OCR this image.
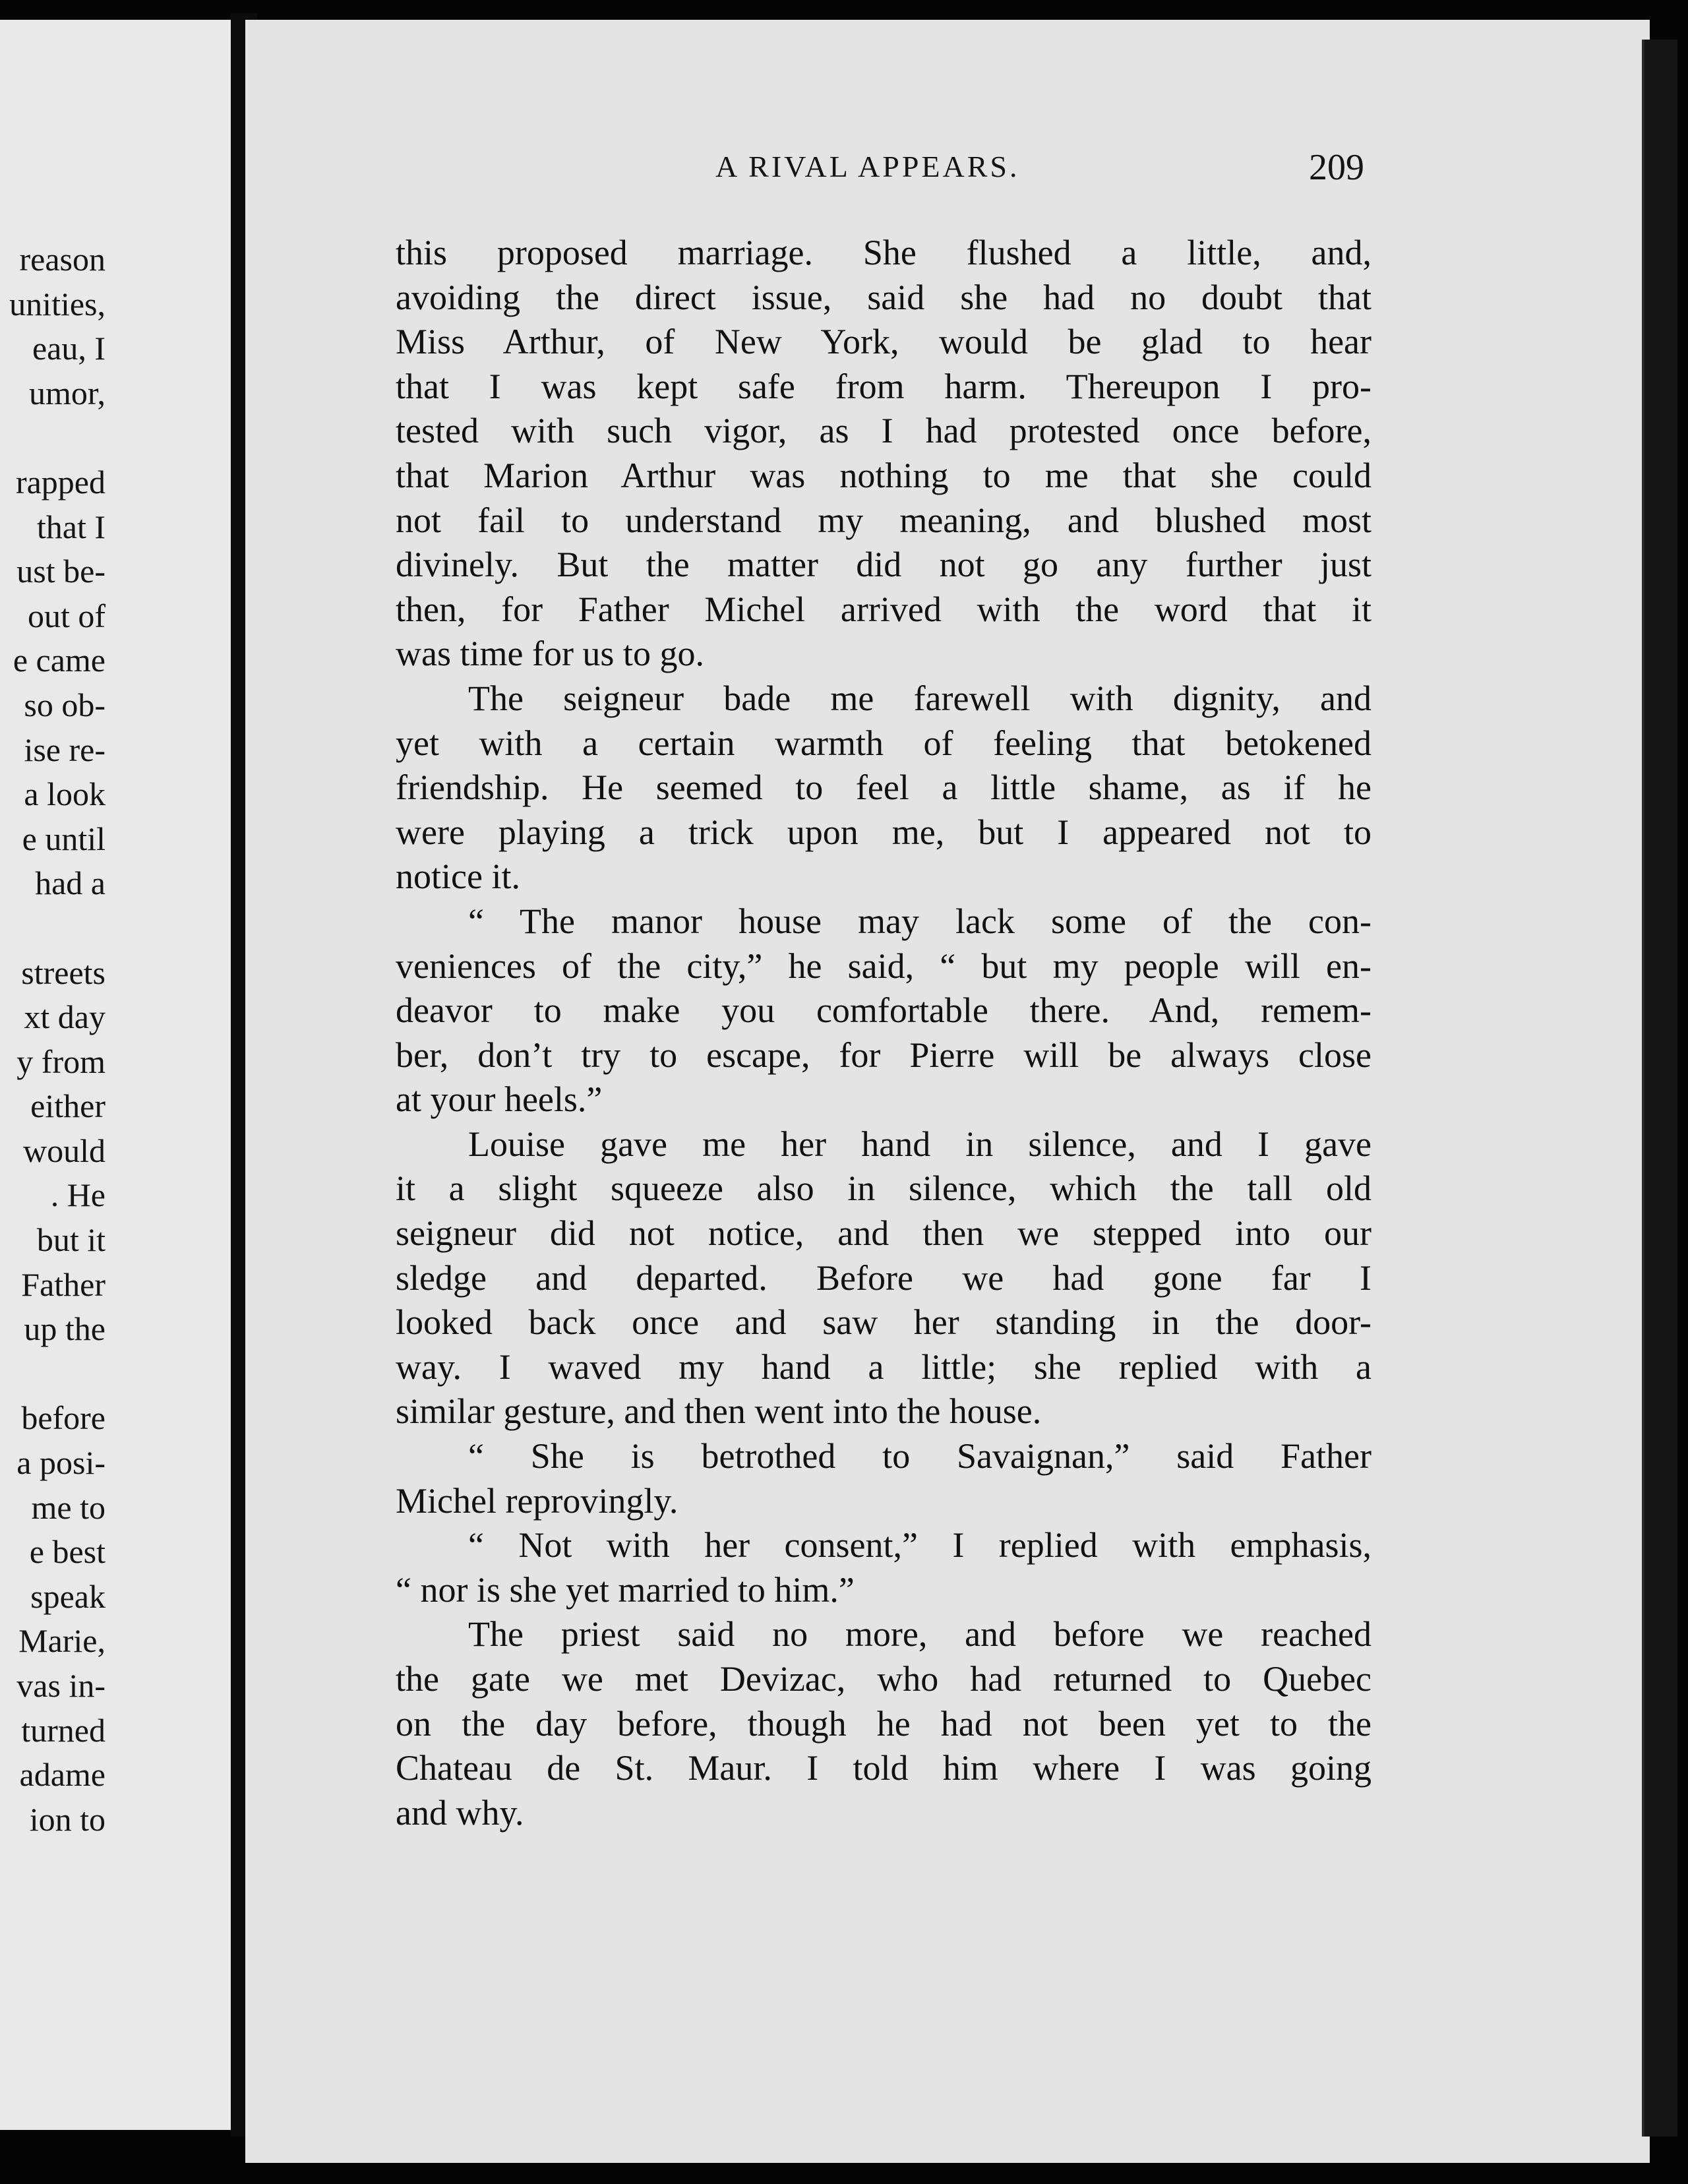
reason
unities,
eau, I
umor,
rapped
that I
ust be-
out of
e came
so ob-
ise re-
a look
e until
had a
streets
xt day
y from
either
would
. He
but it
Father
up the
before
a posi-
me to
e best
speak
Marie,
vas in-
turned
adame
ion to
A RIVAL APPEARS.	209
this proposed marriage. She flushed a little, and,
avoiding the direct issue, said she had no doubt that
Miss Arthur, of New York, would be glad to hear
that I was kept safe from harm. Thereupon I pro-
tested with such vigor, as I had protested once before,
that Marion Arthur was nothing to me that she could
not fail to understand my meaning, and blushed most
divinely. But the matter did not go any further just
then, for Father Michel arrived with the word that it
was time for us to go.
The seigneur bade me farewell with dignity, and
yet with a certain warmth of feeling that betokened
friendship. He seemed to feel a little shame, as if he
were playing a trick upon me, but I appeared not to
notice it.
“ The manor house may lack some of the con-
veniences of the city,” he said, “ but my people will en-
deavor to make you comfortable there. And, remem-
ber, don’t try to escape, for Pierre will be always close
at your heels.”
Louise gave me her hand in silence, and I gave
it a slight squeeze also in silence, which the tall old
seigneur did not notice, and then we stepped into our
sledge and departed. Before we had gone far I
looked back once and saw her standing in the door-
way. I waved my hand a little; she replied with a
similar gesture, and then went into the house.
“ She is betrothed to Savaignan,” said Father
Michel reprovingly.
“ Not with her consent,” I replied with emphasis,
“ nor is she yet married to him.”
The priest said no more, and before we reached
the gate we met Devizac, who had returned to Quebec
on the day before, though he had not been yet to the
Chateau de St. Maur. I told him where I was going
and why.
